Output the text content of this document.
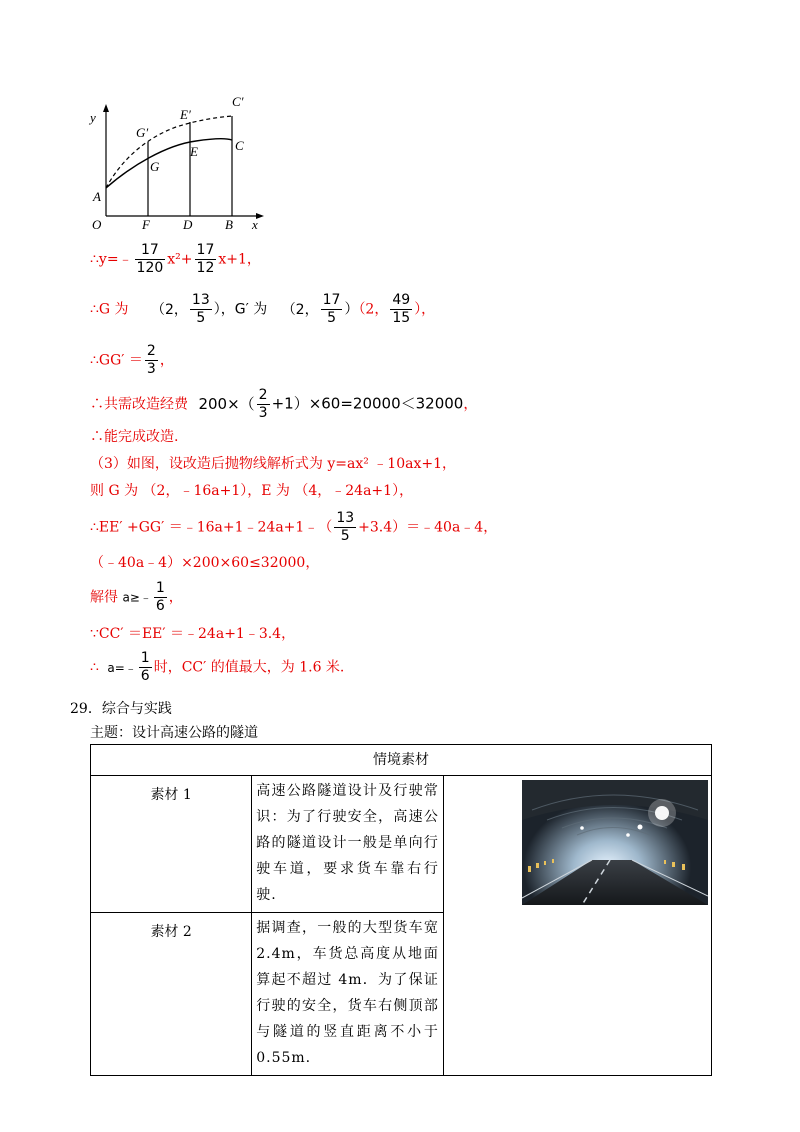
y
x
O	F	D	B
A
G
E	C
G′
E′
C′
∴y=﹣ $\frac{17}{120} x^2+ \frac{17}{12} x+1$，
∴G 为 （2， $\frac{13}{5}$ ），G′ 为 （2， $\frac{17}{5} )(2$， $\frac{49}{15}$ ），
∴GG′ ＝ $\frac{2}{3}$ ，
∴共需改造经费 $200\times( \frac{2}{3} +1)\times 60=20000<32000$，
∴能完成改造.
（3）如图，设改造后抛物线解析式为 y=ax² ﹣10ax+1，
则 G 为 （2，﹣16a+1），E 为 （4，﹣24a+1），
∴EE′ +GG′ ＝﹣16a+1﹣24a+1﹣（ $\frac{13}{5}$ +3.4）＝﹣40a﹣4，
（﹣40a﹣4）×200×60≤32000，
解得 a≥﹣ $\frac{1}{6}$ ，
∵CC′ ＝EE′ ＝﹣24a+1﹣3.4，
∴ a=﹣ $\frac{1}{6}$ 时，CC′ 的值最大，为 1.6 米.
29．综合与实践
主题：设计高速公路的隧道
情境素材		
素材 1	高速公路隧道设计及行驶常识：为了行驶安全，高速公路的隧道设计一般是单向行驶车道，要求货车靠右行驶.	
素材 2	据调查，一般的大型货车宽 2.4m，车货总高度从地面算起不超过 4m．为了保证行驶的安全，货车右侧顶部与隧道的竖直距离不小于 0.55m.	
